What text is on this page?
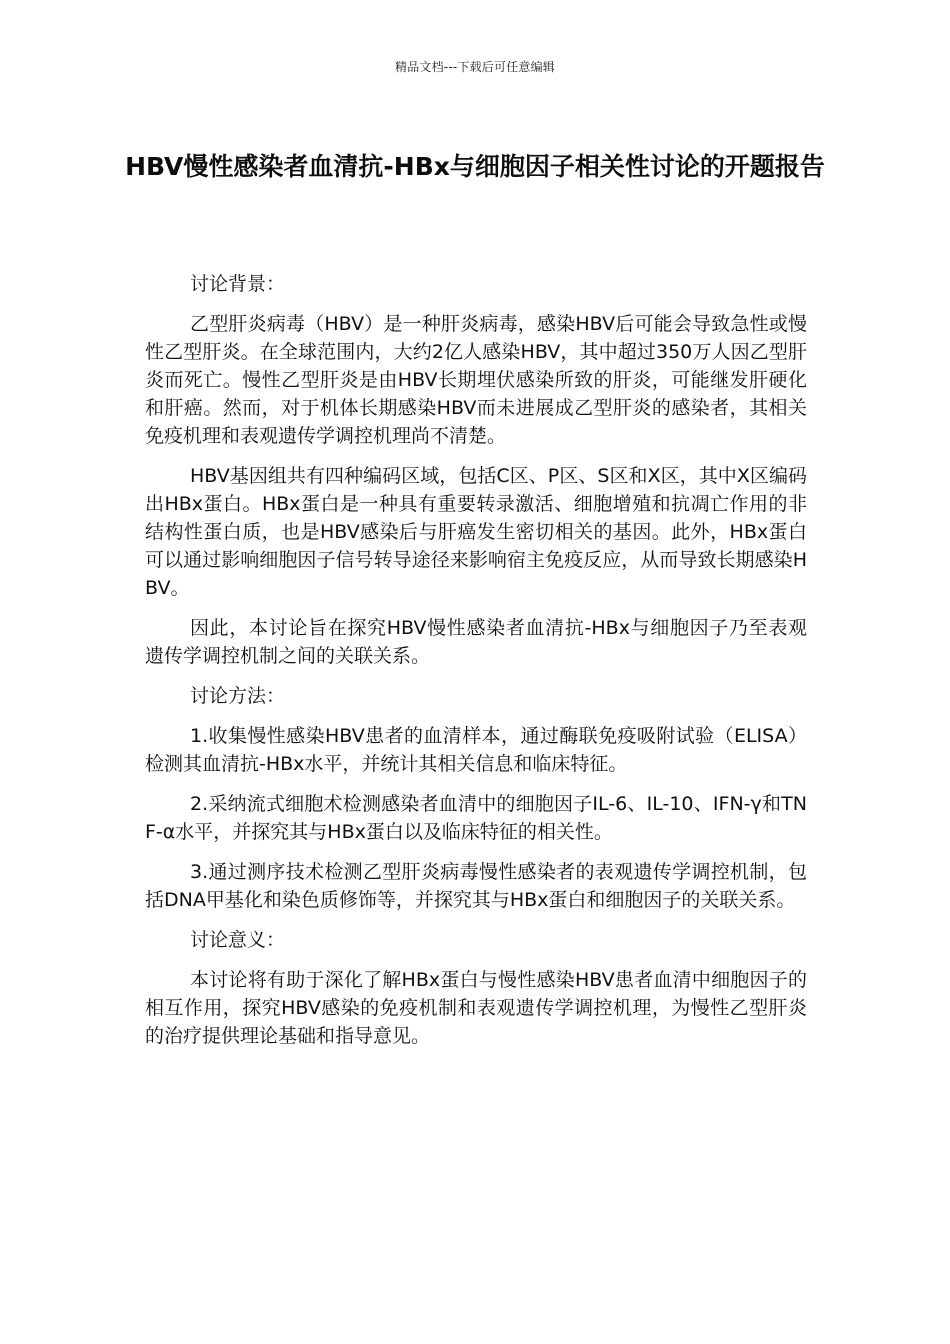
精品文档---下载后可任意编辑
HBV慢性感染者血清抗-HBx与细胞因子相关性讨论的开题报告

讨论背景：

乙型肝炎病毒（HBV）是一种肝炎病毒，感染HBV后可能会导致急性或慢性乙型肝炎。在全球范围内，大约2亿人感染HBV，其中超过350万人因乙型肝炎而死亡。慢性乙型肝炎是由HBV长期埋伏感染所致的肝炎，可能继发肝硬化和肝癌。然而，对于机体长期感染HBV而未进展成乙型肝炎的感染者，其相关免疫机理和表观遗传学调控机理尚不清楚。

HBV基因组共有四种编码区域，包括C区、P区、S区和X区，其中X区编码出HBx蛋白。HBx蛋白是一种具有重要转录激活、细胞增殖和抗凋亡作用的非结构性蛋白质，也是HBV感染后与肝癌发生密切相关的基因。此外，HBx蛋白可以通过影响细胞因子信号转导途径来影响宿主免疫反应，从而导致长期感染HBV。

因此，本讨论旨在探究HBV慢性感染者血清抗-HBx与细胞因子乃至表观遗传学调控机制之间的关联关系。

讨论方法：

1.收集慢性感染HBV患者的血清样本，通过酶联免疫吸附试验（ELISA）检测其血清抗-HBx水平，并统计其相关信息和临床特征。

2.采纳流式细胞术检测感染者血清中的细胞因子IL-6、IL-10、IFN-γ和TNF-α水平，并探究其与HBx蛋白以及临床特征的相关性。

3.通过测序技术检测乙型肝炎病毒慢性感染者的表观遗传学调控机制，包括DNA甲基化和染色质修饰等，并探究其与HBx蛋白和细胞因子的关联关系。

讨论意义：

本讨论将有助于深化了解HBx蛋白与慢性感染HBV患者血清中细胞因子的相互作用，探究HBV感染的免疫机制和表观遗传学调控机理，为慢性乙型肝炎的治疗提供理论基础和指导意见。
